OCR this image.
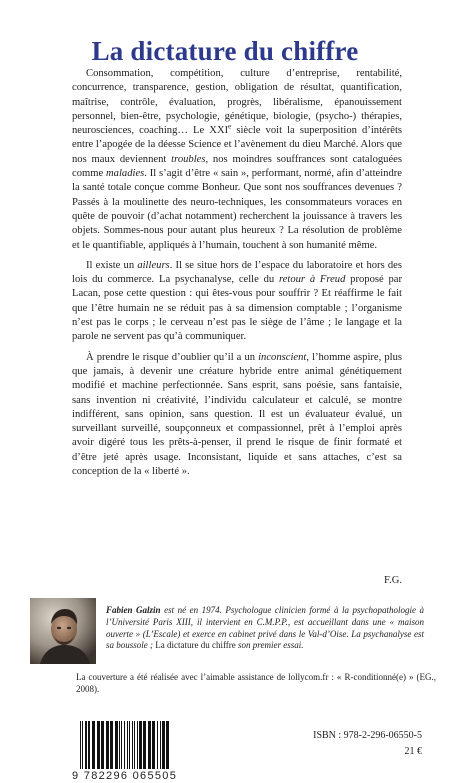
La dictature du chiffre

Consommation, compétition, culture d’entreprise, rentabilité, concurrence, transparence, gestion, obligation de résultat, quantification, maîtrise, contrôle, évaluation, progrès, libéralisme, épanouissement personnel, bien-être, psychologie, génétique, biologie, (psycho-) thérapies, neurosciences, coaching… Le XXIe siècle voit la superposition d’intérêts entre l’apogée de la déesse Science et l’avènement du dieu Marché. Alors que nos maux deviennent troubles, nos moindres souffrances sont cataloguées comme maladies. Il s’agit d’être « sain », performant, normé, afin d’atteindre la santé totale conçue comme Bonheur. Que sont nos souffrances devenues ? Passés à la moulinette des neuro-techniques, les consommateurs voraces en quête de pouvoir (d’achat notamment) recherchent la jouissance à travers les objets. Sommes-nous pour autant plus heureux ? La résolution de problème et le quantifiable, appliqués à l’humain, touchent à son humanité même.

Il existe un ailleurs. Il se situe hors de l’espace du laboratoire et hors des lois du commerce. La psychanalyse, celle du retour à Freud proposé par Lacan, pose cette question : qui êtes-vous pour souffrir ? Et réaffirme le fait que l’être humain ne se réduit pas à sa dimension comptable ; l’organisme n’est pas le corps ; le cerveau n’est pas le siège de l’âme ; le langage et la parole ne servent pas qu’à communiquer.

À prendre le risque d’oublier qu’il a un inconscient, l’homme aspire, plus que jamais, à devenir une créature hybride entre animal génétiquement modifié et machine perfectionnée. Sans esprit, sans poésie, sans fantaisie, sans invention ni créativité, l’individu calculateur et calculé, se montre indifférent, sans opinion, sans question. Il est un évaluateur évalué, un surveillant surveillé, soupçonneux et compassionnel, prêt à l’emploi après avoir digéré tous les prêts-à-penser, il prend le risque de finir formaté et d’être jeté après usage. Inconsistant, liquide et sans attaches, c’est sa conception de la « liberté ».

F.G.
Fabien Galzin est né en 1974. Psychologue clinicien formé à la psychopathologie à l’Université Paris XIII, il intervient en C.M.P.P., est accueillant dans une « maison ouverte » (L’Escale) et exerce en cabinet privé dans le Val-d’Oise. La psychanalyse est sa boussole ; La dictature du chiffre son premier essai.
La couverture a été réalisée avec l’aimable assistance de lollycom.fr : « R-conditionné(e) » (EG., 2008).
9 782296 065505
ISBN : 978-2-296-06550-5
21 €
